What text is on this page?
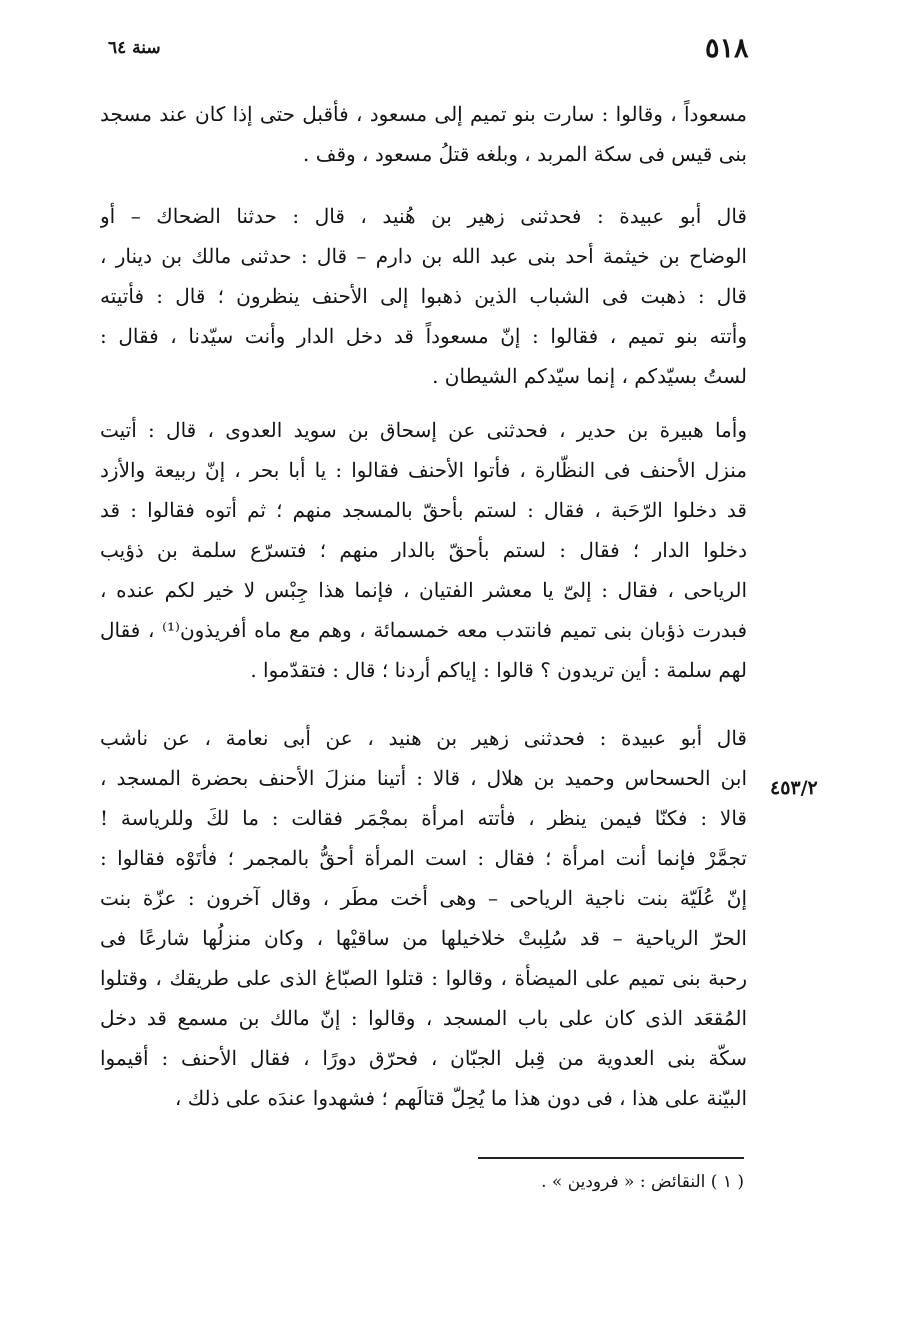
٥١٨
سنة ٦٤
مسعوداً ، وقالوا : سارت بنو تميم إلى مسعود ، فأقبل حتى إذا كان عند مسجد
بنى قيس فى سكة المربد ، وبلغه قتلُ مسعود ، وقف .
قال أبو عبيدة : فحدثنى زهير بن هُنيد ، قال : حدثنا الضحاك – أو
الوضاح بن خيثمة أحد بنى عبد الله بن دارم – قال : حدثنى مالك بن دينار ،
قال : ذهبت فى الشباب الذين ذهبوا إلى الأحنف ينظرون ؛ قال : فأتيته
وأتته بنو تميم ، فقالوا : إنّ مسعوداً قد دخل الدار وأنت سيّدنا ، فقال :
لستُ بسيّدكم ، إنما سيّدكم الشيطان .
وأما هبيرة بن حدير ، فحدثنى عن إسحاق بن سويد العدوى ، قال : أتيت
منزل الأحنف فى النظّارة ، فأتوا الأحنف فقالوا : يا أبا بحر ، إنّ ربيعة والأزد
قد دخلوا الرّحَبة ، فقال : لستم بأحقّ بالمسجد منهم ؛ ثم أتوه فقالوا : قد
دخلوا الدار ؛ فقال : لستم بأحقّ بالدار منهم ؛ فتسرّع سلمة بن ذؤيب
الرياحى ، فقال : إلىّ يا معشر الفتيان ، فإنما هذا جِبْس لا خير لكم عنده ،
فبدرت ذؤبان بنى تميم فانتدب معه خمسمائة ، وهم مع ماه أفريذون⁽¹⁾ ، فقال
لهم سلمة : أين تريدون ؟ قالوا : إياكم أردنا ؛ قال : فتقدّموا .
قال أبو عبيدة : فحدثنى زهير بن هنيد ، عن أبى نعامة ، عن ناشب
ابن الحسحاس وحميد بن هلال ، قالا : أتينا منزلَ الأحنف بحضرة المسجد ،
قالا : فكنّا فيمن ينظر ، فأتته امرأة بمجْمَر فقالت : ما لكَ وللرياسة !
تجمَّرْ فإنما أنت امرأة ؛ فقال : است المرأة أحقُّ بالمجمر ؛ فأتَوْه فقالوا :
إنّ عُلَيّة بنت ناجية الرياحى – وهى أخت مطَر ، وقال آخرون : عزّة بنت
الحرّ الرياحية – قد سُلِبتْ خلاخيلها من ساقيْها ، وكان منزلُها شارعًا فى
رحبة بنى تميم على الميضأة ، وقالوا : قتلوا الصبّاغ الذى على طريقك ، وقتلوا
المُقعَد الذى كان على باب المسجد ، وقالوا : إنّ مالك بن مسمع قد دخل
سكّة بنى العدوية من قِبل الجبّان ، فحرّق دورًا ، فقال الأحنف : أقيموا
البيّنة على هذا ، فى دون هذا ما يُحِلّ قتالَهم ؛ فشهدوا عندَه على ذلك ،
٤٥٣/٢
( ١ ) النقائض : « فرودين » .
